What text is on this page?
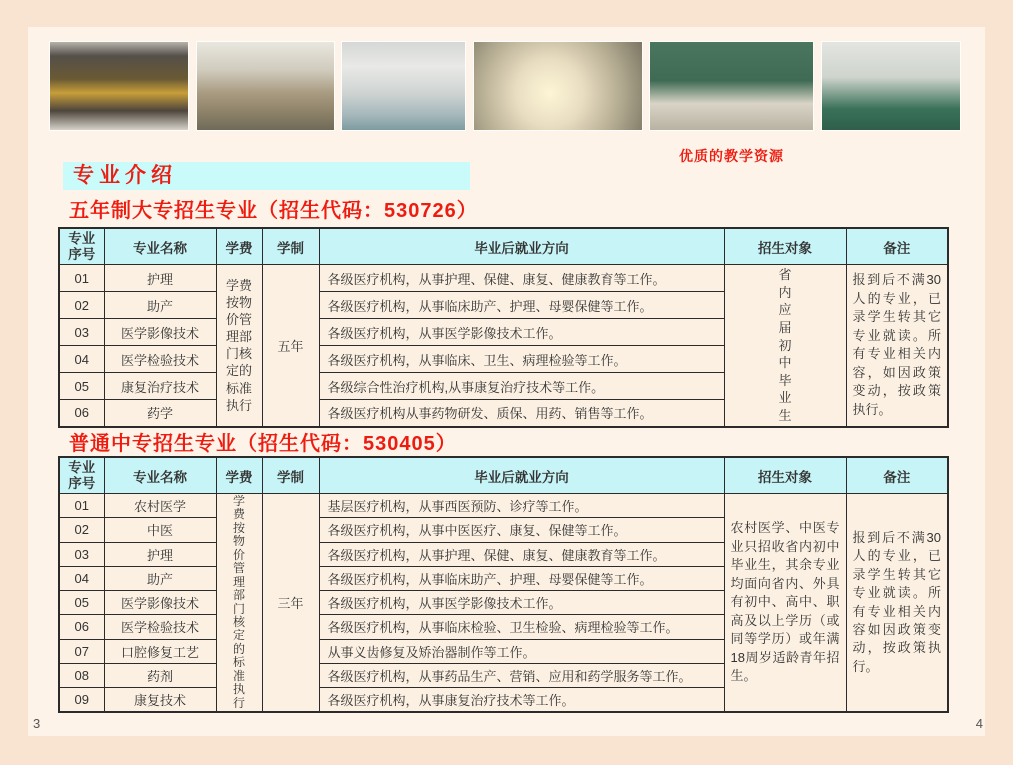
优质的教学资源
专业介绍
五年制大专招生专业（招生代码：530726）
专业序号	专业名称	学费	学制	毕业后就业方向	招生对象	备注
01	护理	学费按物价管理部门核定的标准执行	五年	各级医疗机构，从事护理、保健、康复、健康教育等工作。	省内应届初中毕业生	报到后不满30人的专业，已录学生转其它专业就读。所有专业相关内容，如因政策变动，按政策执行。
02	助产			各级医疗机构，从事临床助产、护理、母婴保健等工作。		
03	医学影像技术			各级医疗机构，从事医学影像技术工作。		
04	医学检验技术			各级医疗机构，从事临床、卫生、病理检验等工作。		
05	康复治疗技术			各级综合性治疗机构,从事康复治疗技术等工作。		
06	药学			各级医疗机构从事药物研发、质保、用药、销售等工作。		
普通中专招生专业（招生代码：530405）
专业序号	专业名称	学费	学制	毕业后就业方向	招生对象	备注
01	农村医学	学费按物价管理部门核定的标准执行	三年	基层医疗机构，从事西医预防、诊疗等工作。	农村医学、中医专业只招收省内初中毕业生，其余专业均面向省内、外具有初中、高中、职高及以上学历（或同等学历）或年满18周岁适龄青年招生。	报到后不满30人的专业，已录学生转其它专业就读。所有专业相关内容如因政策变动，按政策执行。
02	中医			各级医疗机构，从事中医医疗、康复、保健等工作。		
03	护理			各级医疗机构，从事护理、保健、康复、健康教育等工作。		
04	助产			各级医疗机构，从事临床助产、护理、母婴保健等工作。		
05	医学影像技术			各级医疗机构，从事医学影像技术工作。		
06	医学检验技术			各级医疗机构，从事临床检验、卫生检验、病理检验等工作。		
07	口腔修复工艺			从事义齿修复及矫治器制作等工作。		
08	药剂			各级医疗机构，从事药品生产、营销、应用和药学服务等工作。		
09	康复技术			各级医疗机构，从事康复治疗技术等工作。		
3	4
